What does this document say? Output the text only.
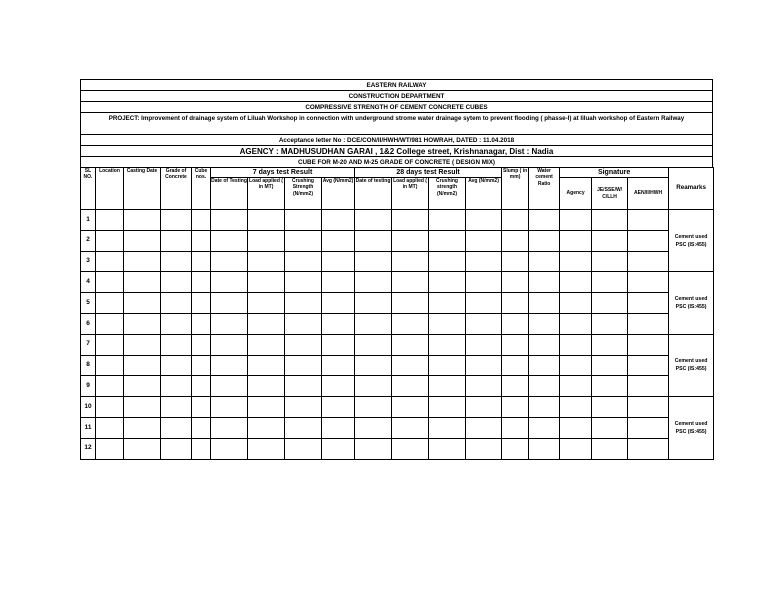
EASTERN RAILWAY
CONSTRUCTION DEPARTMENT
COMPRESSIVE STRENGTH OF CEMENT CONCRETE CUBES
PROJECT: Improvement of drainage system of Liluah Workshop in connection with underground strome water drainage sytem to prevent flooding ( phasse-I) at liluah workshop of Eastern Railway
Acceptance letter No : DCE/CON/II/HWH/WT/981 HOWRAH, DATED : 11.04.2018
AGENCY : MADHUSUDHAN GARAI , 1&2 College street, Krishnanagar, Dist : Nadia
CUBE FOR M-20 AND M-25 GRADE OF CONCRETE ( DESIGN MIX)
SL NO.	Location	Casting Date	Grade of Concrete	Cube nos.	7 days test Result				28 days test Result				Slump ( in mm)	Water cement Ratio	Signature			Reamarks
					Date of Testing	Load applied ( in MT)	Crushing Strength (N/mm2)	Avg (N/mm2)	Date of testing	Load applied ( in MT)	Crushing strength (N/mm2)	Avg (N/mm2)			Agency	JE/SSE/W/ C/LLH	AEN/II/HWH	

1																		Cement used PSC (IS:455)
2																		
3																		
4																		Cement used PSC (IS:455)
5																		
6																		
7																		Cement used PSC (IS:455)
8																		
9																		
10																		Cement used PSC (IS:455)
11																		
12																		
